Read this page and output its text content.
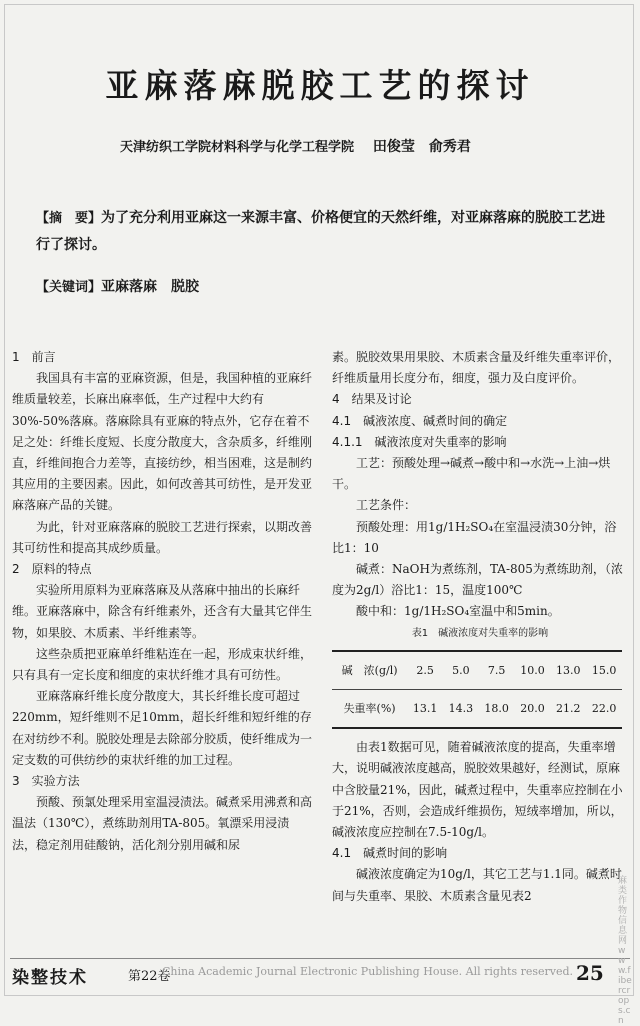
亚麻落麻脱胶工艺的探讨
天津纺织工学院材料科学与化学工程学院 田俊莹　俞秀君
【摘　要】为了充分利用亚麻这一来源丰富、价格便宜的天然纤维，对亚麻落麻的脱胶工艺进行了探讨。
【关键词】亚麻落麻　脱胶

1　前言

我国具有丰富的亚麻资源，但是，我国种植的亚麻纤维质量较差，长麻出麻率低，生产过程中大约有30%-50%落麻。落麻除具有亚麻的特点外，它存在着不足之处：纤维长度短、长度分散度大，含杂质多，纤维刚直，纤维间抱合力差等，直接纺纱，相当困难，这是制约其应用的主要因素。因此，如何改善其可纺性，是开发亚麻落麻产品的关键。

为此，针对亚麻落麻的脱胶工艺进行探索，以期改善其可纺性和提高其成纱质量。

2　原料的特点

实验所用原料为亚麻落麻及从落麻中抽出的长麻纤维。亚麻落麻中，除含有纤维素外，还含有大量其它伴生物，如果胶、木质素、半纤维素等。

这些杂质把亚麻单纤维粘连在一起，形成束状纤维，只有具有一定长度和细度的束状纤维才具有可纺性。

亚麻落麻纤维长度分散度大，其长纤维长度可超过220mm，短纤维则不足10mm，超长纤维和短纤维的存在对纺纱不利。脱胶处理是去除部分胶质，使纤维成为一定支数的可供纺纱的束状纤维的加工过程。

3　实验方法

预酸、预氯处理采用室温浸渍法。碱煮采用沸煮和高温法（130℃），煮练助剂用TA-805。氧漂采用浸渍法，稳定剂用硅酸钠，活化剂分别用碱和尿

素。脱胶效果用果胶、木质素含量及纤维失重率评价，纤维质量用长度分布，细度，强力及白度评价。

4　结果及讨论

4.1　碱液浓度、碱煮时间的确定

4.1.1　碱液浓度对失重率的影响

工艺：预酸处理→碱煮→酸中和→水洗→上油→烘干。

工艺条件：

预酸处理：用1g/1H₂SO₄在室温浸渍30分钟，浴比1：10

碱煮：NaOH为煮练剂，TA-805为煮练助剂，（浓度为2g/l）浴比1：15，温度100℃

酸中和：1g/1H₂SO₄室温中和5min。

表1　碱液浓度对失重率的影响
碱　浓(g/l)	2.5	5.0	7.5	10.0	13.0	15.0
失重率(%)	13.1	14.3	18.0	20.0	21.2	22.0

由表1数据可见，随着碱液浓度的提高，失重率增大，说明碱液浓度越高，脱胶效果越好，经测试，原麻中含胶量21%，因此，碱煮过程中，失重率应控制在小于21%，否则，会造成纤维损伤，短绒率增加，所以，碱液浓度应控制在7.5-10g/l。

4.1　碱煮时间的影响

碱液浓度确定为10g/l，其它工艺与1.1同。碱煮时间与失重率、果胶、木质素含量见表2

染整技术	第22卷
China Academic Journal Electronic Publishing House. All rights reserved. 25
麻类作物信息网 www.fibercrops.cn
